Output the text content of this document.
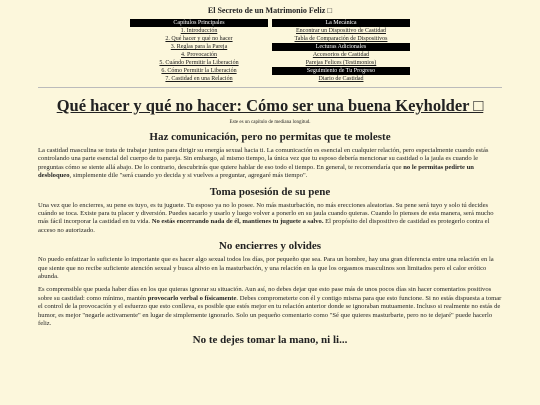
El Secreto de un Matrimonio Feliz □
Capítulos Principales
1. Introducción
2. Qué hacer y qué no hacer
3. Reglas para la Pareja
4. Provocación
5. Cuándo Permitir la Liberación
6. Cómo Permitir la Liberación
7. Castidad en una Relación
La Mecánica
Encontrar un Dispositivo de Castidad
Tabla de Comparación de Dispositivos
Lecturas Adicionales
Accesorios de Castidad
Parejas Felices (Testimonios)
Seguimiento de Tu Progreso
Diario de Castidad
Qué hacer y qué no hacer: Cómo ser una buena Keyholder □
Este es un capítulo de mediana longitud.
Haz comunicación, pero no permitas que te moleste

La castidad masculina se trata de trabajar juntos para dirigir su energía sexual hacia ti. La comunicación es esencial en cualquier relación, pero especialmente cuando estás controlando una parte esencial del cuerpo de tu pareja. Sin embargo, al mismo tiempo, la única vez que tu esposo debería mencionar su castidad o la jaula es cuando le preguntas cómo se siente allá abajo. De lo contrario, descubrirás que quiere hablar de eso todo el tiempo. En general, te recomendaría que no le permitas pedirte un desbloqueo, simplemente dile "será cuando yo decida y si vuelves a preguntar, agregaré más tiempo".

Toma posesión de su pene

Una vez que lo encierres, su pene es tuyo, es tu juguete. Tu esposo ya no lo posee. No más masturbación, no más erecciones aleatorias. Su pene será tuyo y solo tú decides cuándo se toca. Existe para tu placer y diversión. Puedes sacarlo y usarlo y luego volver a ponerlo en su jaula cuando quieras. Cuando lo pienses de esta manera, será mucho más fácil incorporar la castidad en tu vida. No estás encerrando nada de él, mantienes tu juguete a salvo. El propósito del dispositivo de castidad es protegerlo contra el acceso no autorizado.

No encierres y olvides

No puedo enfatizar lo suficiente lo importante que es hacer algo sexual todos los días, por pequeño que sea. Para un hombre, hay una gran diferencia entre una relación en la que siente que no recibe suficiente atención sexual y busca alivio en la masturbación, y una relación en la que los orgasmos masculinos son limitados pero el calor erótico abunda.

Es comprensible que pueda haber días en los que quieras ignorar su situación. Aun así, no debes dejar que esto pase más de unos pocos días sin hacer comentarios positivos sobre su castidad: como mínimo, mantén provocarlo verbal o físicamente. Debes comprometerte con él y contigo misma para que esto funcione. Si no estás dispuesta a tomar el control de la provocación y el esfuerzo que esto conlleva, es posible que estés mejor en tu relación anterior donde se ignoraban mutuamente. Incluso si realmente no estás de humor, es mejor "negarle activamente" en lugar de simplemente ignorarlo. Solo un pequeño comentario como "Sé que quieres masturbarte, pero no te dejaré" puede hacerlo feliz.

No te dejes tomar la mano, ni li...
